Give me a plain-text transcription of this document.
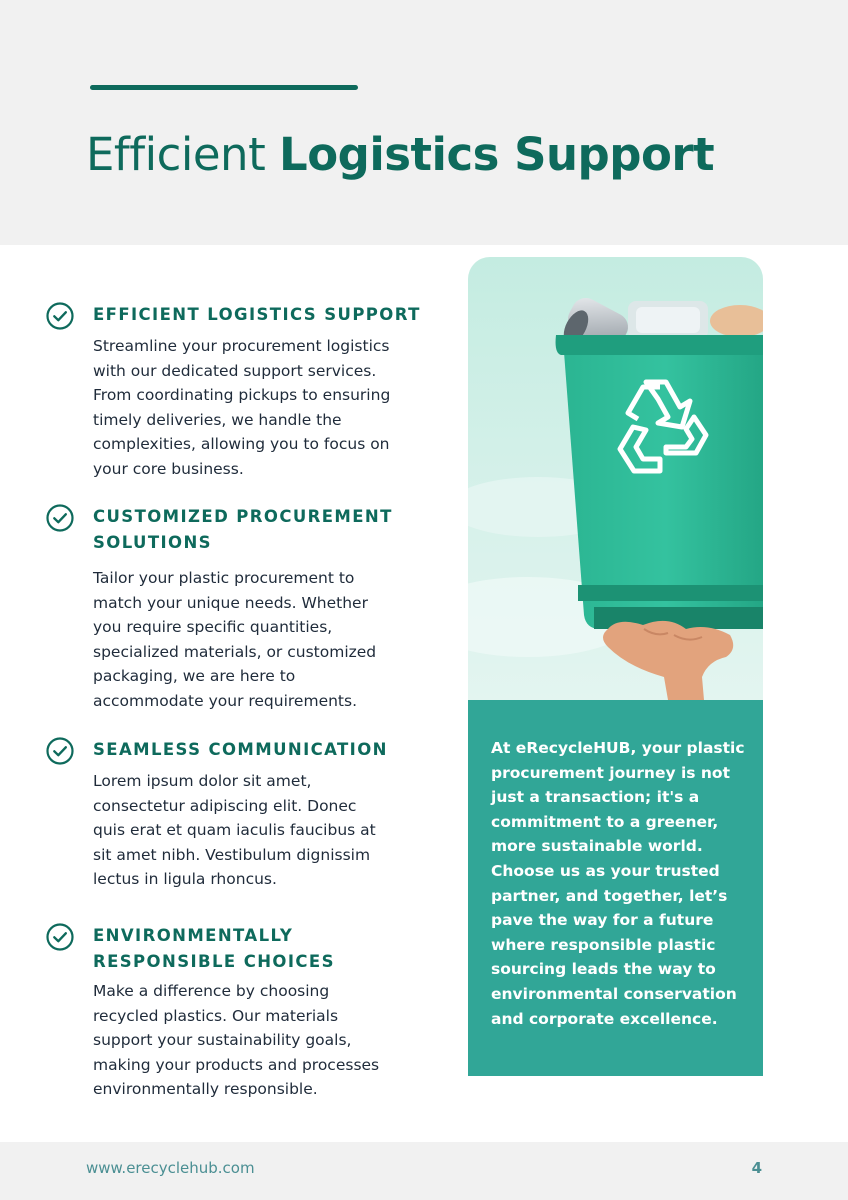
Efficient Logistics Support
EFFICIENT LOGISTICS SUPPORT

Streamline your procurement logistics with our dedicated support services. From coordinating pickups to ensuring timely deliveries, we handle the complexities, allowing you to focus on your core business.

CUSTOMIZED PROCUREMENT SOLUTIONS

Tailor your plastic procurement to match your unique needs. Whether you require specific quantities, specialized materials, or customized packaging, we are here to accommodate your requirements.

SEAMLESS COMMUNICATION

Lorem ipsum dolor sit amet, consectetur adipiscing elit. Donec quis erat et quam iaculis faucibus at sit amet nibh. Vestibulum dignissim lectus in ligula rhoncus.

ENVIRONMENTALLY RESPONSIBLE CHOICES

Make a difference by choosing recycled plastics. Our materials support your sustainability goals, making your products and processes environmentally responsible.

At eRecycleHUB, your plastic procurement journey is not just a transaction; it's a commitment to a greener, more sustainable world. Choose us as your trusted partner, and together, let’s pave the way for a future where responsible plastic sourcing leads the way to environmental conservation and corporate excellence.

www.erecyclehub.com	4
